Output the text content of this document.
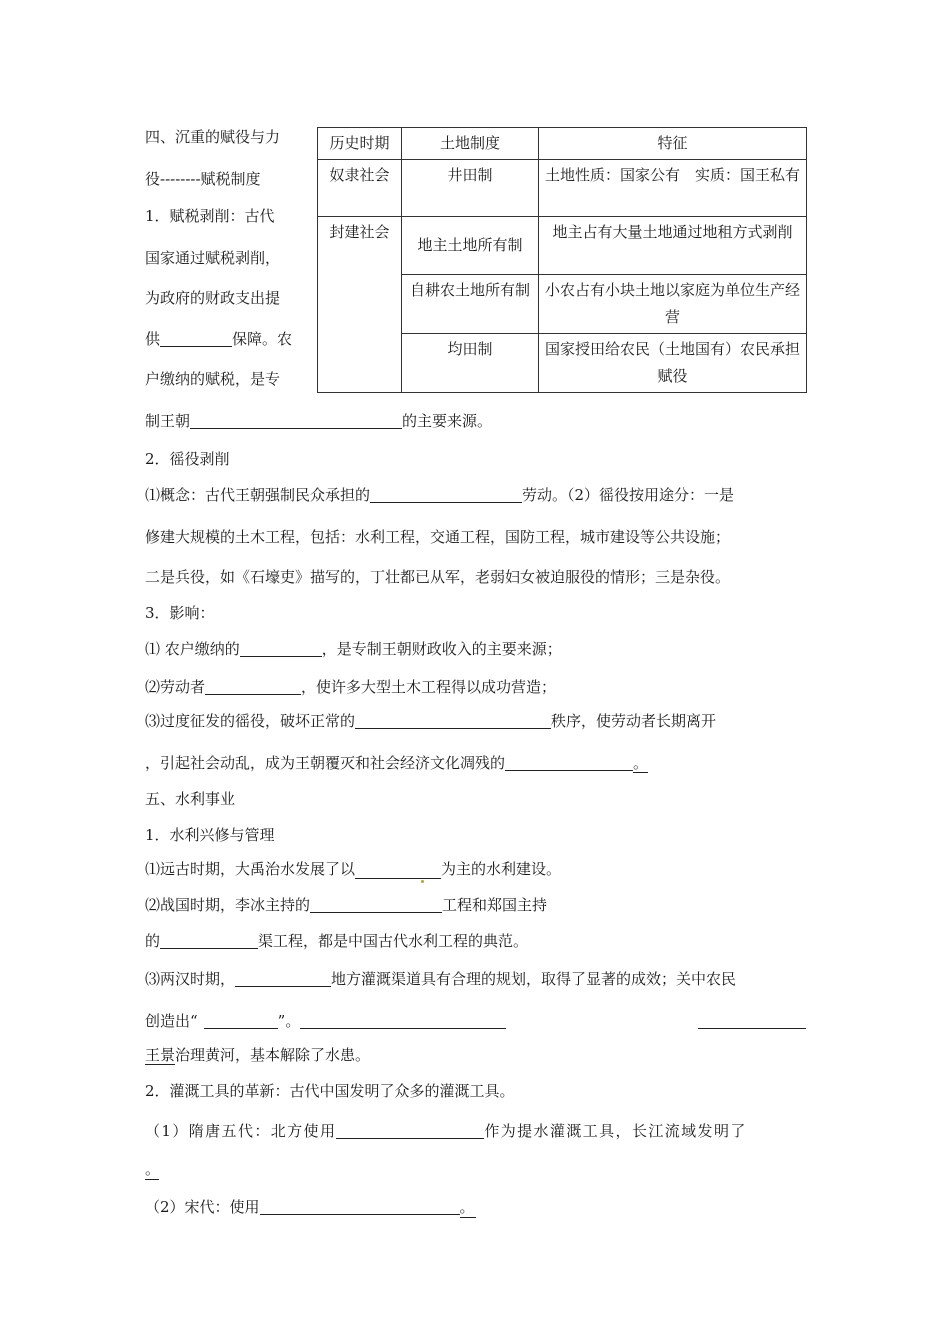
四、沉重的赋役与力
役--------赋税制度
1．赋税剥削：古代
国家通过赋税剥削，
为政府的财政支出提
供	保障。农
户缴纳的赋税，是专
历史时期	土地制度	特征
奴隶社会	井田制	土地性质：国家公有　实质：国王私有
封建社会	地主土地所有制	地主占有大量土地通过地租方式剥削
	自耕农土地所有制	小农占有小块土地以家庭为单位生产经营
	均田制	国家授田给农民（土地国有）农民承担赋役
制王朝	的主要来源。
2．徭役剥削
⑴概念：古代王朝强制民众承担的	劳动。（2）徭役按用途分：一是
修建大规模的土木工程，包括：水利工程，交通工程，国防工程，城市建设等公共设施；
二是兵役，如《石壕吏》描写的，丁壮都已从军，老弱妇女被迫服役的情形；三是杂役。
3．影响：
⑴ 农户缴纳的	，是专制王朝财政收入的主要来源；
⑵劳动者	，使许多大型土木工程得以成功营造；
⑶过度征发的徭役，破坏正常的	秩序，使劳动者长期离开
，引起社会动乱，成为王朝覆灭和社会经济文化凋残的	。
五、水利事业
1．水利兴修与管理
⑴远古时期，大禹治水发展了以	为主的水利建设。
⑵战国时期，李冰主持的	工程和郑国主持
的	渠工程，都是中国古代水利工程的典范。
⑶两汉时期，	地方灌溉渠道具有合理的规划，取得了显著的成效；关中农民
创造出“	”。
王景治理黄河，基本解除了水患。
2．灌溉工具的革新：古代中国发明了众多的灌溉工具。
（1）隋唐五代：北方使用	作为提水灌溉工具，长江流域发明了
。
（2）宋代：使用	。
